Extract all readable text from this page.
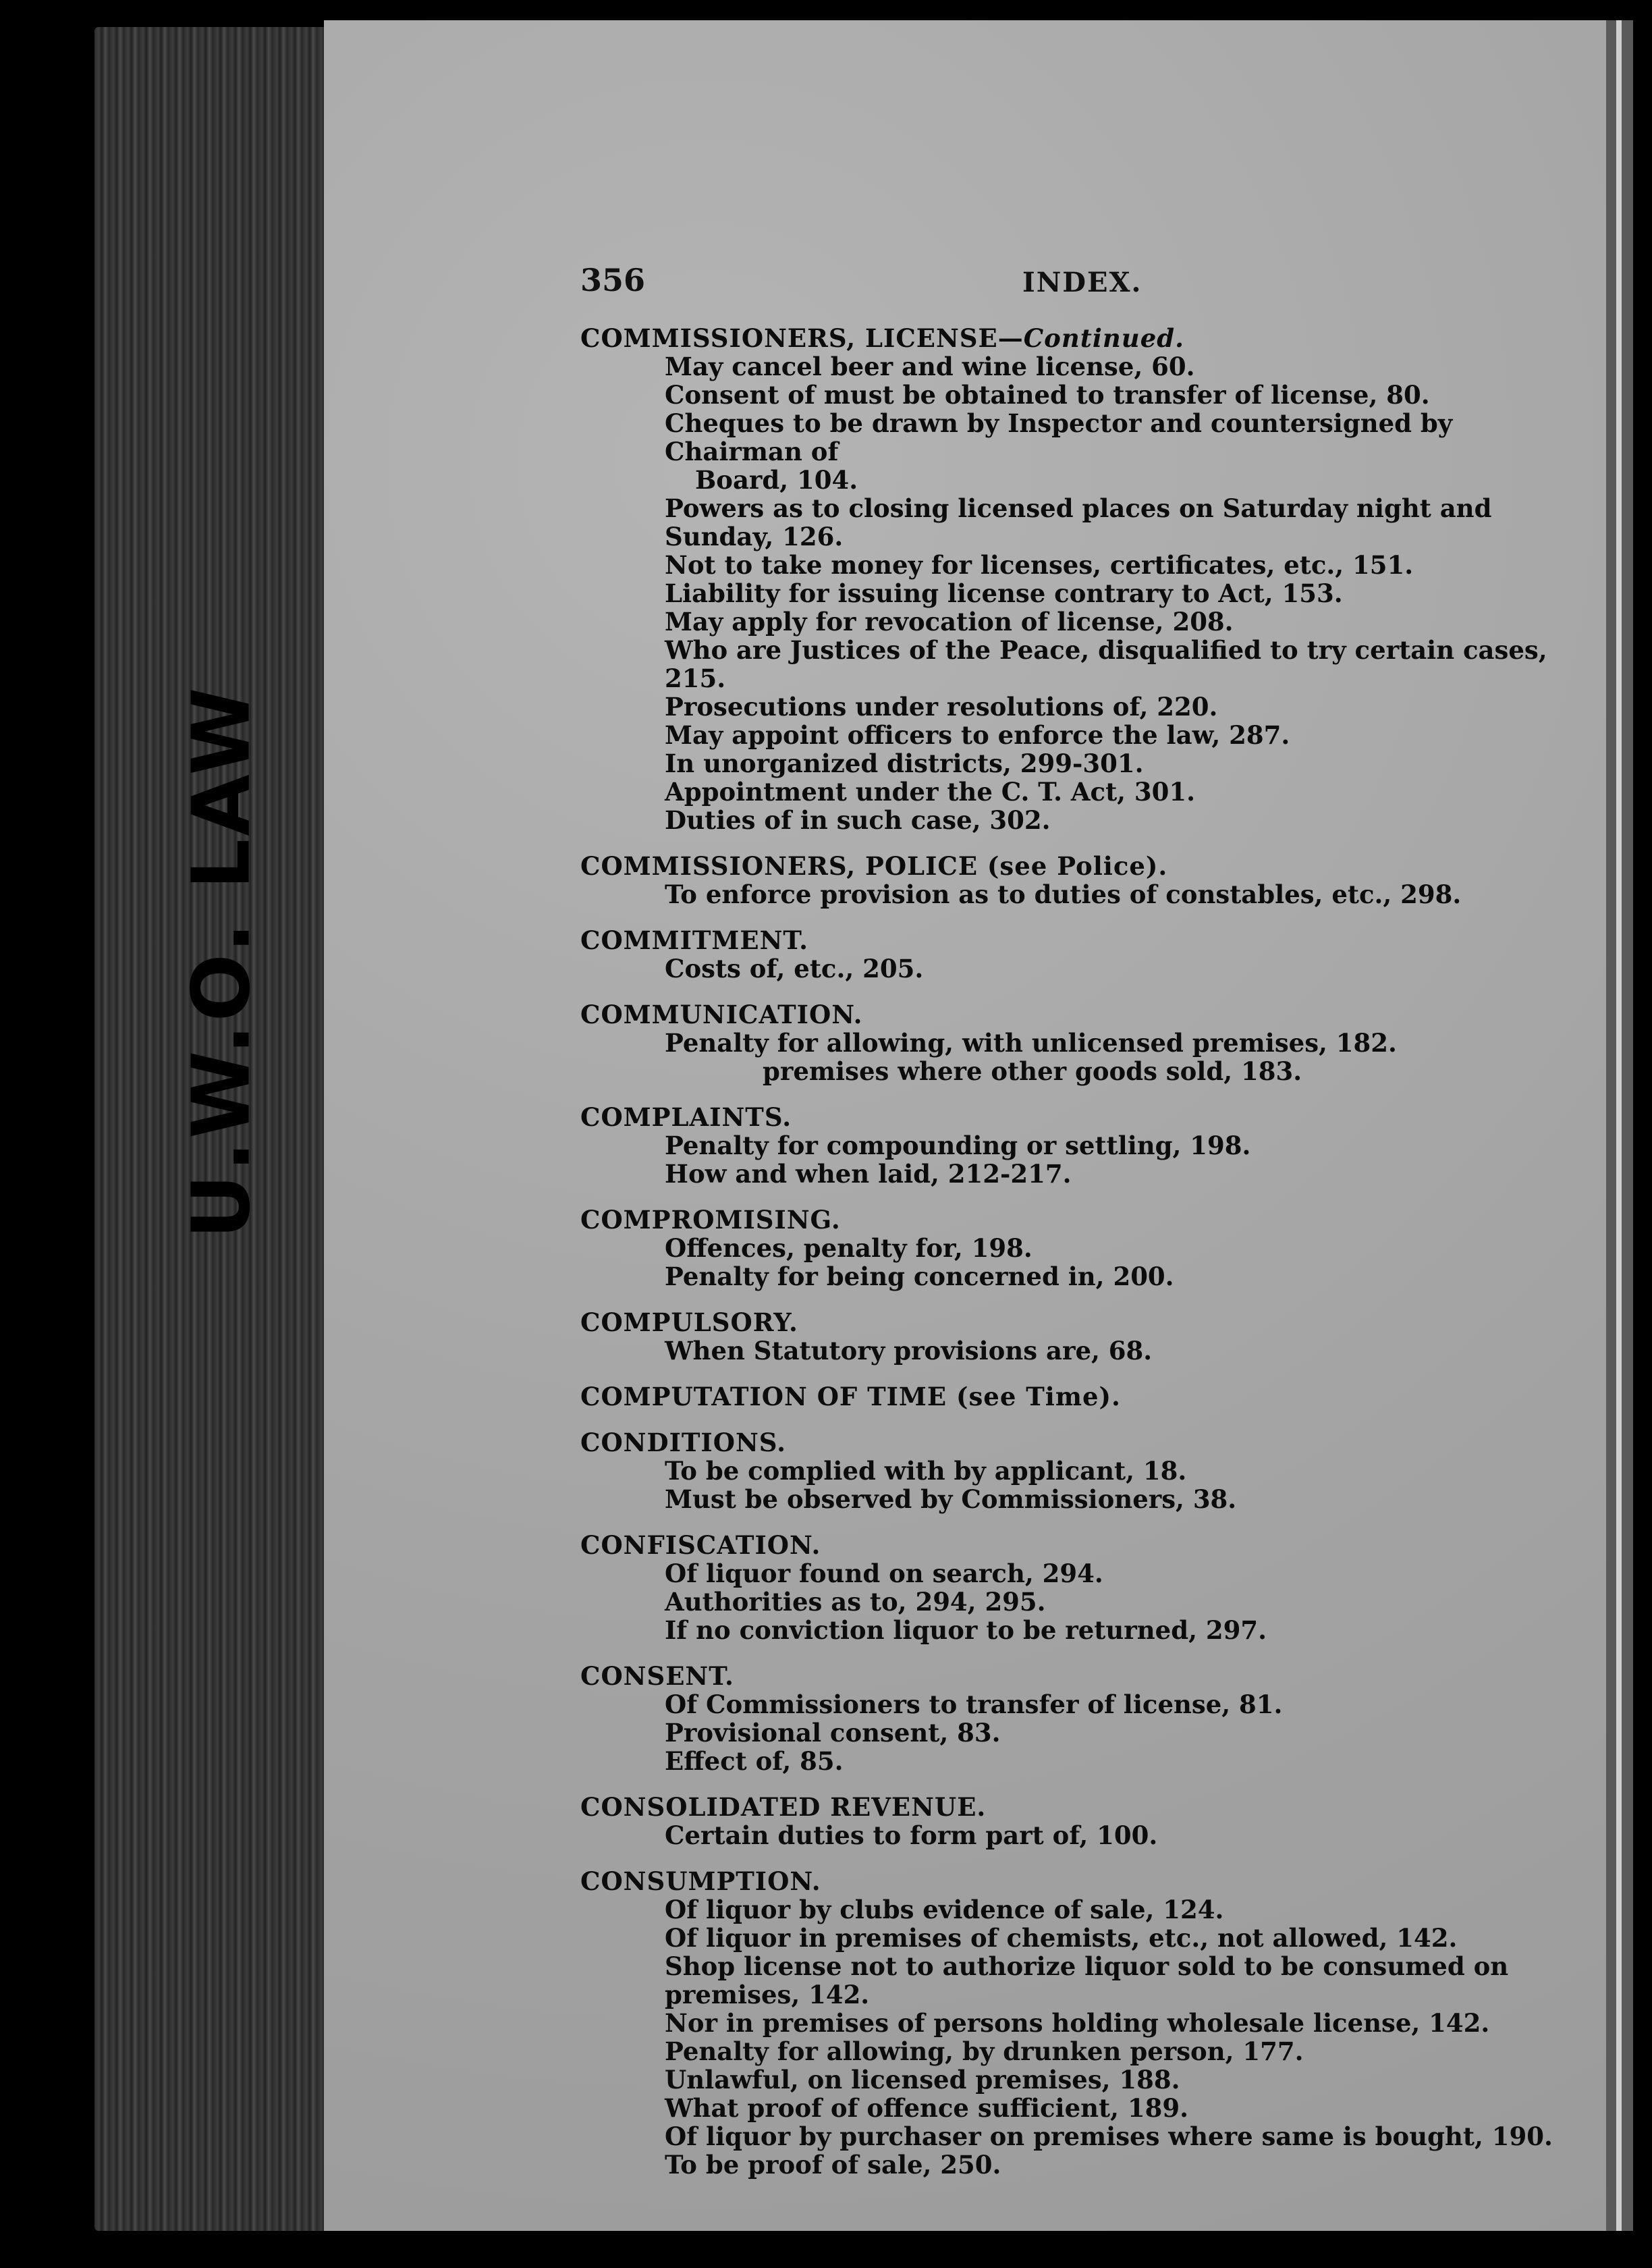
U.W.O. LAW
356	INDEX.
COMMISSIONERS, LICENSE—Continued.
May cancel beer and wine license, 60.
Consent of must be obtained to transfer of license, 80.
Cheques to be drawn by Inspector and countersigned by Chairman of
Board, 104.
Powers as to closing licensed places on Saturday night and Sunday, 126.
Not to take money for licenses, certificates, etc., 151.
Liability for issuing license contrary to Act, 153.
May apply for revocation of license, 208.
Who are Justices of the Peace, disqualified to try certain cases, 215.
Prosecutions under resolutions of, 220.
May appoint officers to enforce the law, 287.
In unorganized districts, 299-301.
Appointment under the C. T. Act, 301.
Duties of in such case, 302.
COMMISSIONERS, POLICE (see Police).
To enforce provision as to duties of constables, etc., 298.
COMMITMENT.
Costs of, etc., 205.
COMMUNICATION.
Penalty for allowing, with unlicensed premises, 182.
premises where other goods sold, 183.
COMPLAINTS.
Penalty for compounding or settling, 198.
How and when laid, 212-217.
COMPROMISING.
Offences, penalty for, 198.
Penalty for being concerned in, 200.
COMPULSORY.
When Statutory provisions are, 68.
COMPUTATION OF TIME (see Time).
CONDITIONS.
To be complied with by applicant, 18.
Must be observed by Commissioners, 38.
CONFISCATION.
Of liquor found on search, 294.
Authorities as to, 294, 295.
If no conviction liquor to be returned, 297.
CONSENT.
Of Commissioners to transfer of license, 81.
Provisional consent, 83.
Effect of, 85.
CONSOLIDATED REVENUE.
Certain duties to form part of, 100.
CONSUMPTION.
Of liquor by clubs evidence of sale, 124.
Of liquor in premises of chemists, etc., not allowed, 142.
Shop license not to authorize liquor sold to be consumed on premises, 142.
Nor in premises of persons holding wholesale license, 142.
Penalty for allowing, by drunken person, 177.
Unlawful, on licensed premises, 188.
What proof of offence sufficient, 189.
Of liquor by purchaser on premises where same is bought, 190.
To be proof of sale, 250.
